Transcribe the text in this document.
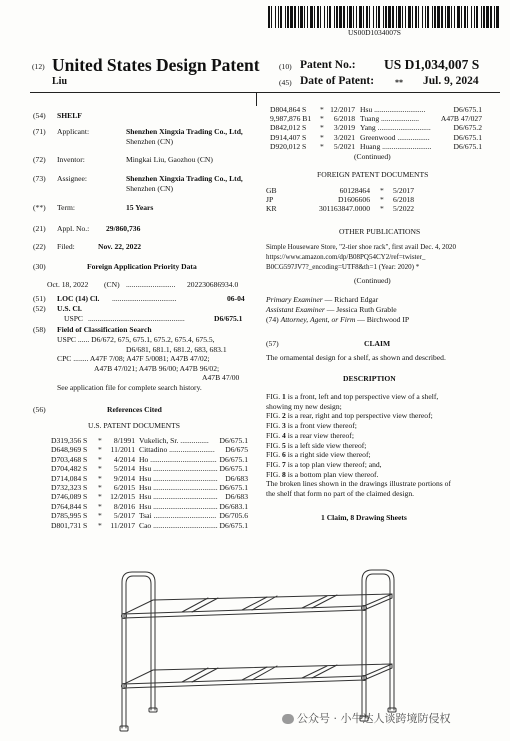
US00D1034007S
(12) United States Design Patent
Liu
(10) Patent No.: US D1,034,007 S
(45) Date of Patent:	** Jul. 9, 2024
(54) SHELF
(71) Applicant:	Shenzhen Xingxia Trading Co., Ltd,
Shenzhen (CN)
(72) Inventor:	Mingkai Liu, Gaozhou (CN)
(73) Assignee:	Shenzhen Xingxia Trading Co., Ltd,
Shenzhen (CN)
(**) Term:	15 Years
(21) Appl. No.: 29/860,736
(22) Filed:	Nov. 22, 2022
(30)	Foreign Application Priority Data
Oct. 18, 2022 (CN) .......................... 202230686934.0
(51) LOC (14) Cl. ..................................	06-04
(52) U.S. Cl.
USPC ...................................................	D6/675.1
(58) Field of Classification Search
USPC ...... D6/672, 675, 675.1, 675.2, 675.4, 675.5,
D6/681, 681.1, 681.2, 683, 683.1
CPC ........ A47F 7/08; A47F 5/0081; A47B 47/02;
A47B 47/021; A47B 96/00; A47B 96/02;
A47B 47/00
See application file for complete search history.
(56)	References Cited
U.S. PATENT DOCUMENTS
D319,356 S *	8/1991 Vukelich, Sr. ...............	D6/675.1
D648,969 S *	11/2011 Cittadino ........................	D6/675
D703,468 S *	4/2014 Ho ................................... D6/675.1
D704,482 S *	5/2014 Hsu .................................. D6/675.1
D714,084 S *	9/2014 Hsu .................................. D6/683
D732,323 S *	6/2015 Hsu .................................. D6/675.1
D746,089 S *	12/2015 Hsu .................................. D6/683
D764,844 S *	8/2016 Hsu .................................. D6/683.1
D785,995 S *	5/2017 Tsai ................................. D6/705.6
D801,731 S *	11/2017 Cao .................................. D6/675.1
D804,864 S * 12/2017 Hsu ...........................	D6/675.1
9,987,876 B1 *	6/2018 Tuang ....................	A47B 47/027
D842,012 S *	3/2019 Yang ............................	D6/675.2
D914,407 S *	3/2021 Greenwood .................	D6/675.1
D920,012 S *	5/2021 Huang ..........................	D6/675.1
(Continued)
FOREIGN PATENT DOCUMENTS
GB	60128464 * 5/2017
JP	D1606606 * 6/2018
KR	301163847.0000 * 5/2022
OTHER PUBLICATIONS
Simple Houseware Store, "2-tier shoe rack", first avail Dec. 4, 2020
https://www.amazon.com/dp/B08PQ54CY2/ref=twister_
B0CG597JV7?_encoding=UTF8&th=1 (Year: 2020) *
(Continued)
Primary Examiner — Richard Edgar
Assistant Examiner — Jessica Ruth Grable
(74) Attorney, Agent, or Firm — Birchwood IP
(57)	CLAIM
The ornamental design for a shelf, as shown and described.
DESCRIPTION
FIG. 1 is a front, left and top perspective view of a shelf,
showing my new design;
FIG. 2 is a rear, right and top perspective view thereof;
FIG. 3 is a front view thereof;
FIG. 4 is a rear view thereof;
FIG. 5 is a left side view thereof;
FIG. 6 is a right side view thereof;
FIG. 7 is a top plan view thereof; and,
FIG. 8 is a bottom plan view thereof.
The broken lines shown in the drawings illustrate portions of
the shelf that form no part of the claimed design.
1 Claim, 8 Drawing Sheets
公众号 · 小牛达人谈跨境防侵权
